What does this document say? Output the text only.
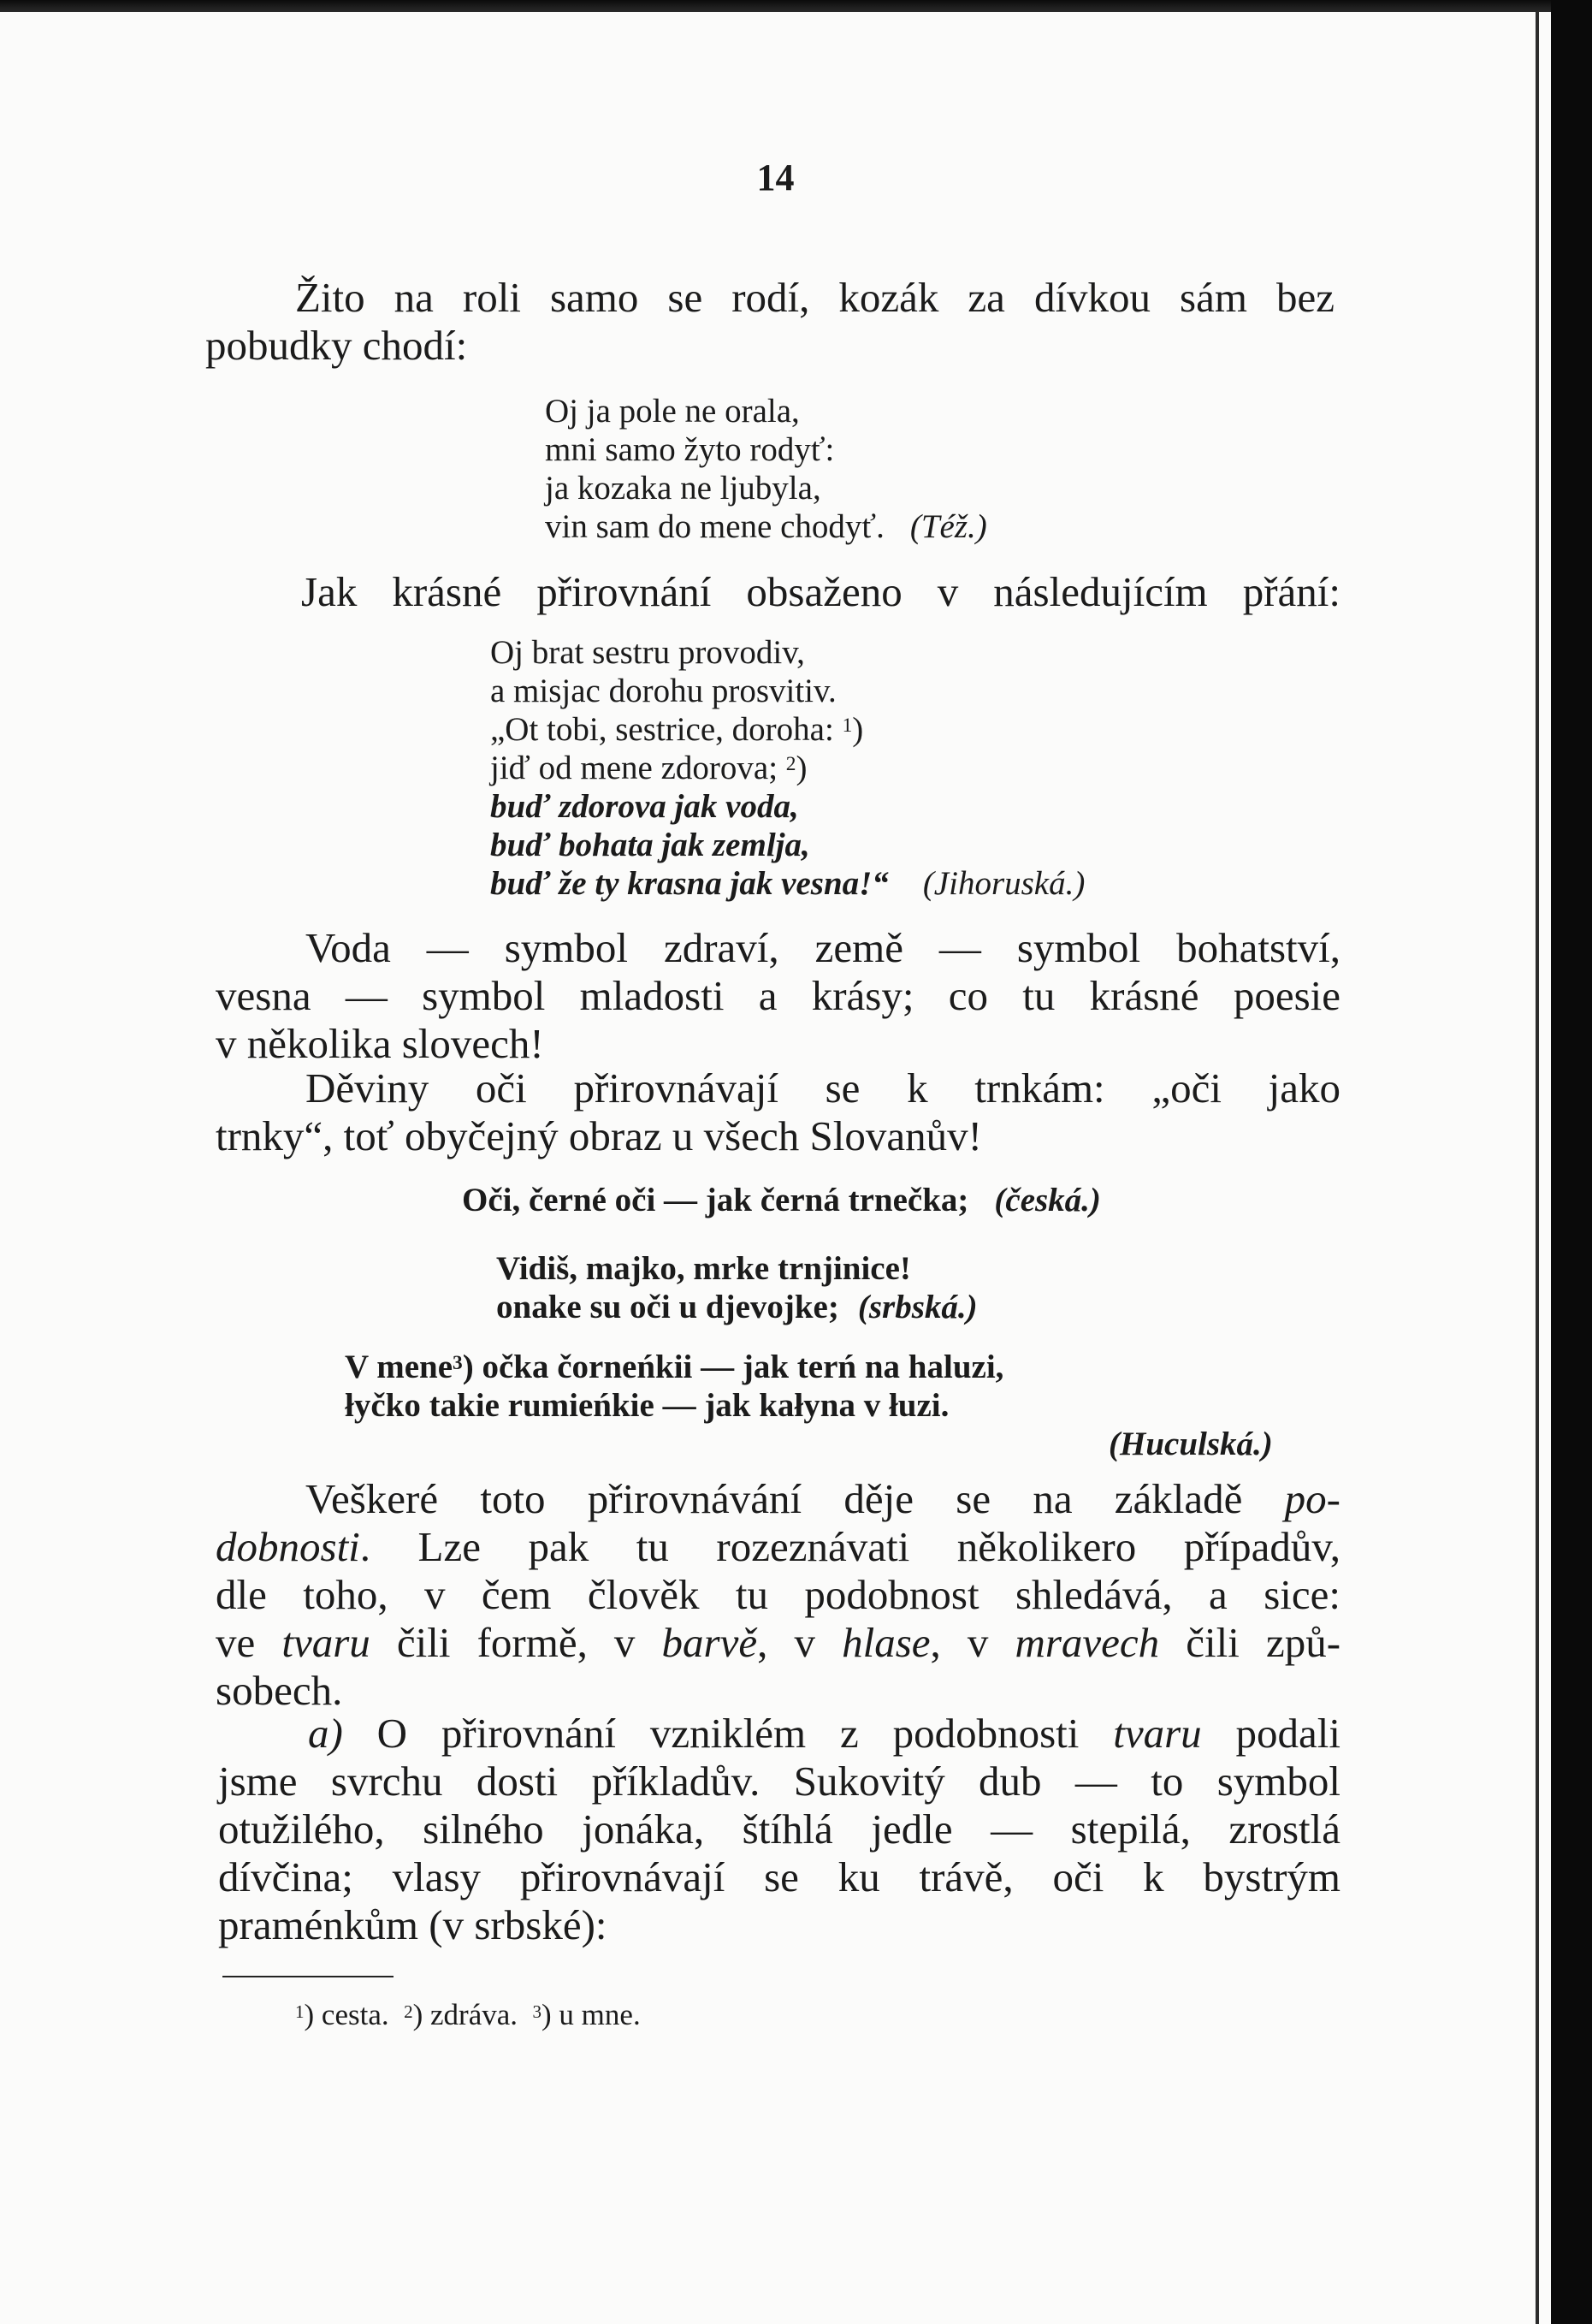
14
Žito na roli samo se rodí, kozák za dívkou sám bez
pobudky chodí:
Oj ja pole ne orala,
mni samo žyto rodyť:
ja kozaka ne ljubyla,
vin sam do mene chodyť. (Též.)
Jak krásné přirovnání obsaženo v následujícím přání:
Oj brat sestru provodiv,
a misjac dorohu prosvitiv.
„Ot tobi, sestrice, doroha: $^1$)
jiď od mene zdorova; $^2$)
buď zdorova jak voda,
buď bohata jak zemlja,
buď že ty krasna jak vesna!“ (Jihoruská.)
Voda — symbol zdraví, země — symbol bohatství,
vesna — symbol mladosti a krásy; co tu krásné poesie
v několika slovech!
Děviny oči přirovnávají se k trnkám: „oči jako
trnky“, toť obyčejný obraz u všech Slovanův!
Oči, černé oči — jak černá trnečka; (česká.)
Vidiš, majko, mrke trnjinice!
onake su oči u djevojke; (srbská.)
V mene$^3$) očka čorneńkii — jak terń na haluzi,
łyčko takie rumieńkie — jak kałyna v łuzi.
(Huculská.)
Veškeré toto přirovnávání děje se na základě po-
dobnosti. Lze pak tu rozeznávati několikero případův,
dle toho, v čem člověk tu podobnost shledává, a sice:
ve tvaru čili formě, v barvě, v hlase, v mravech čili způ-
sobech.
a) O přirovnání vzniklém z podobnosti tvaru podali
jsme svrchu dosti příkladův. Sukovitý dub — to symbol
otužilého, silného jonáka, štíhlá jedle — stepilá, zrostlá
dívčina; vlasy přirovnávají se ku trávě, oči k bystrým
praménkům (v srbské):
$^1$) cesta. $^2$) zdráva. $^3$) u mne.
